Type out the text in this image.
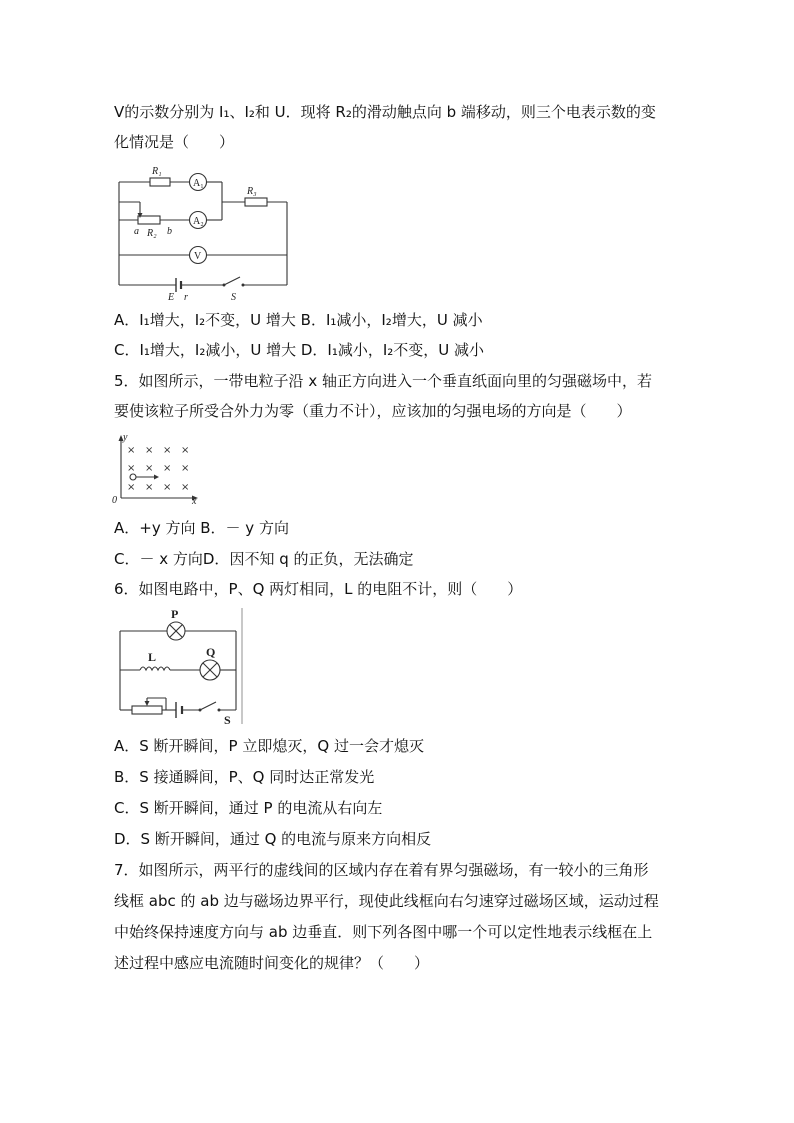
V的示数分别为 I₁、I₂和 U．现将 R₂的滑动触点向 b 端移动，则三个电表示数的变
化情况是（　　）
R₁
A₁
A₂
R₃
a R₂ b
V
E r	S
A．I₁增大，I₂不变，U 增大 B．I₁减小，I₂增大，U 减小
C．I₁增大，I₂减小，U 增大 D．I₁减小，I₂不变，U 减小
5．如图所示，一带电粒子沿 x 轴正方向进入一个垂直纸面向里的匀强磁场中，若
要使该粒子所受合外力为零（重力不计），应该加的匀强电场的方向是（　　）
× × × ×
× × × ×
× × × ×
y
0	x
A．+y 方向 B．－ y 方向
C．－ x 方向D．因不知 q 的正负，无法确定
6．如图电路中，P、Q 两灯相同，L 的电阻不计，则（　　）
P
Q
L
S
A．S 断开瞬间，P 立即熄灭，Q 过一会才熄灭
B．S 接通瞬间，P、Q 同时达正常发光
C．S 断开瞬间，通过 P 的电流从右向左
D．S 断开瞬间，通过 Q 的电流与原来方向相反
7．如图所示，两平行的虚线间的区域内存在着有界匀强磁场，有一较小的三角形
线框 abc 的 ab 边与磁场边界平行，现使此线框向右匀速穿过磁场区域，运动过程
中始终保持速度方向与 ab 边垂直．则下列各图中哪一个可以定性地表示线框在上
述过程中感应电流随时间变化的规律？（　　）
